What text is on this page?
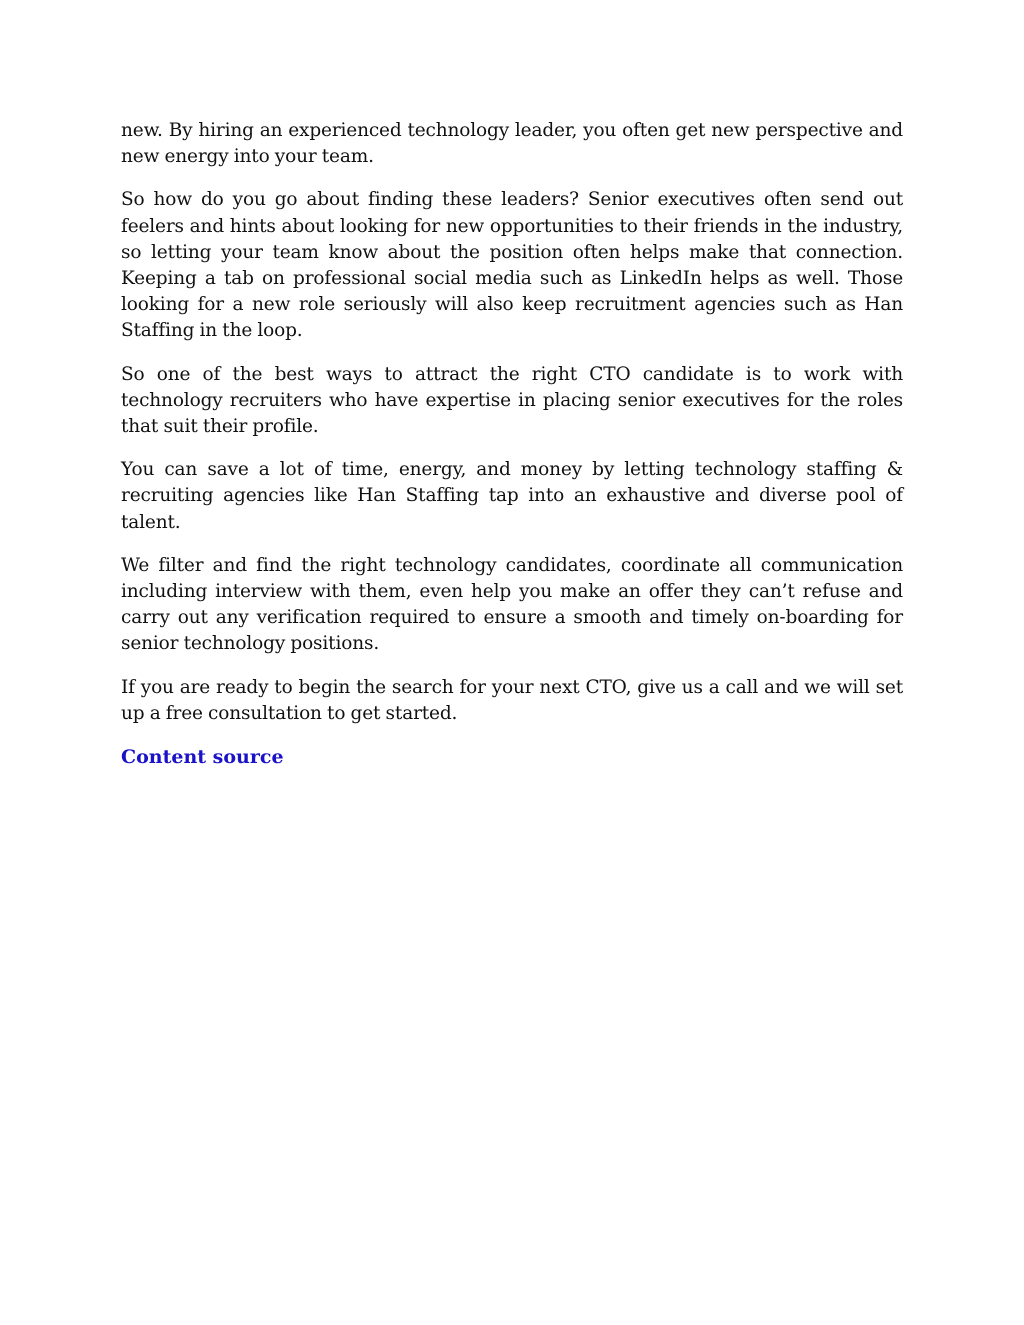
new. By hiring an experienced technology leader, you often get new perspective and new energy into your team.

So how do you go about finding these leaders? Senior executives often send out feelers and hints about looking for new opportunities to their friends in the industry, so letting your team know about the position often helps make that connection. Keeping a tab on professional social media such as LinkedIn helps as well. Those looking for a new role seriously will also keep recruitment agencies such as Han Staffing in the loop.

So one of the best ways to attract the right CTO candidate is to work with technology recruiters who have expertise in placing senior executives for the roles that suit their profile.

You can save a lot of time, energy, and money by letting technology staffing & recruiting agencies like Han Staffing tap into an exhaustive and diverse pool of talent.

We filter and find the right technology candidates, coordinate all communication including interview with them, even help you make an offer they can’t refuse and carry out any verification required to ensure a smooth and timely on-boarding for senior technology positions.

If you are ready to begin the search for your next CTO, give us a call and we will set up a free consultation to get started.

Content source
